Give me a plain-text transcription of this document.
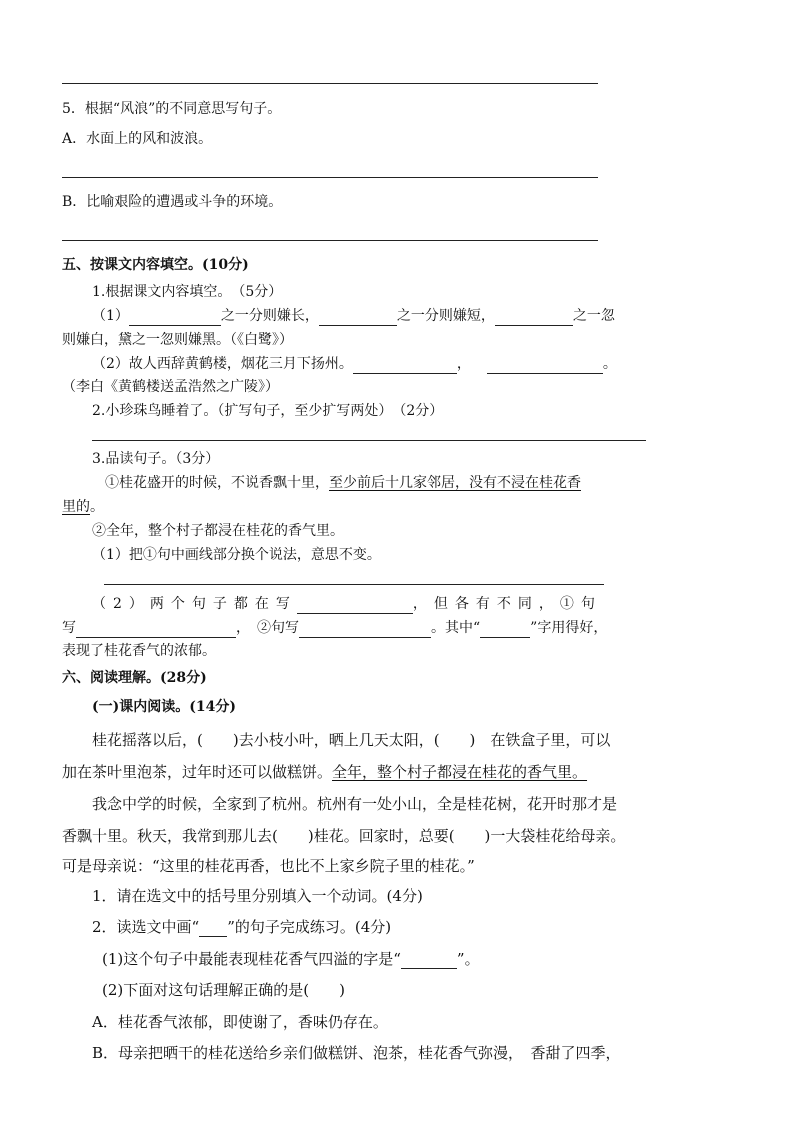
5．根据“风浪”的不同意思写句子。
A．水面上的风和波浪。
B．比喻艰险的遭遇或斗争的环境。
五、按课文内容填空。(10分)
1.根据课文内容填空。　（5分）
（1）	之一分则嫌长，	之一分则嫌短，	之一忽
则嫌白，黛之一忽则嫌黑。（《白鹭》）
（2）故人西辞黄鹤楼，烟花三月下扬州。	，	。
（李白《黄鹤楼送孟浩然之广陵》）
2.小珍珠鸟睡着了。（扩写句子，至少扩写两处）　（2分）
3.品读句子。（3分）
①桂花盛开的时候，不说香飘十里，至少前后十几家邻居，没有不浸在桂花香
里的。
②全年，整个村子都浸在桂花的香气里。
（1）把①句中画线部分换个说法，意思不变。
（2）两个句子都在写	，但各有不同，①句
写	，　②句写	。其中“	”字用得好，
表现了桂花香气的浓郁。
六、阅读理解。(28分)
(一)课内阅读。(14分)
桂花摇落以后，(　　)去小枝小叶，晒上几天太阳，(　　)　在铁盒子里，可以
加在茶叶里泡茶，过年时还可以做糕饼。全年，整个村子都浸在桂花的香气里。
我念中学的时候，全家到了杭州。杭州有一处小山，全是桂花树，花开时那才是
香飘十里。秋天，我常到那儿去(　　)桂花。回家时，总要(　　)一大袋桂花给母亲。
可是母亲说：“这里的桂花再香，也比不上家乡院子里的桂花。”
1．请在选文中的括号里分别填入一个动词。(4分)
2．读选文中画“ ”的句子完成练习。(4分)
(1)这个句子中最能表现桂花香气四溢的字是“	”。
(2)下面对这句话理解正确的是(　　)
A．桂花香气浓郁，即使谢了，香味仍存在。
B．母亲把晒干的桂花送给乡亲们做糕饼、泡茶，桂花香气弥漫，　香甜了四季，
